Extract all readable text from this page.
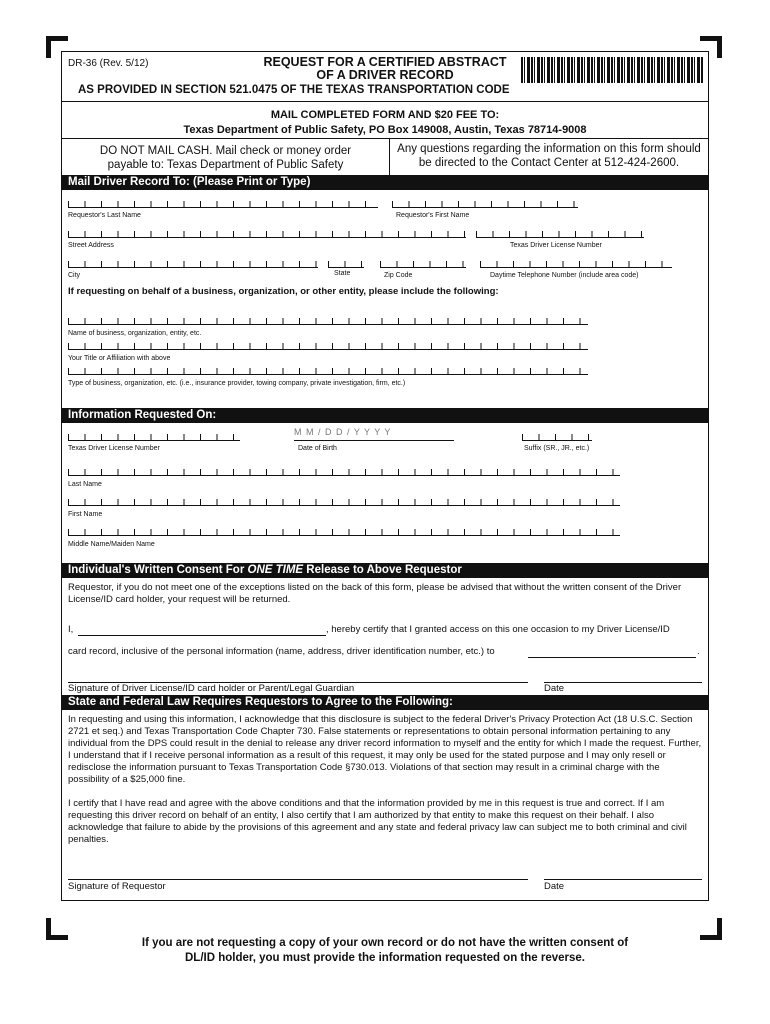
DR-36 (Rev. 5/12)	REQUEST FOR A CERTIFIED ABSTRACT
OF A DRIVER RECORD
AS PROVIDED IN SECTION 521.0475 OF THE TEXAS TRANSPORTATION CODE
MAIL COMPLETED FORM AND $20 FEE TO:
Texas Department of Public Safety, PO Box 149008, Austin, Texas 78714-9008
DO NOT MAIL CASH. Mail check or money order
payable to: Texas Department of Public Safety
Any questions regarding the information on this form should
be directed to the Contact Center at 512-424-2600.
Mail Driver Record To: (Please Print or Type)
Requestor's Last Name	Requestor's First Name
Street Address	Texas Driver License Number
City	State	Zip Code	Daytime Telephone Number (include area code)
If requesting on behalf of a business, organization, or other entity, please include the following:
Name of business, organization, entity, etc.
Your Title or Affiliation with above
Type of business, organization, etc. (i.e., insurance provider, towing company, private investigation, firm, etc.)
Information Requested On:
Texas Driver License Number
M M / D D / Y Y Y Y
Date of Birth	Suffix (SR., JR., etc.)
Last Name
First Name
Middle Name/Maiden Name
Individual's Written Consent For ONE TIME Release to Above Requestor
Requestor, if you do not meet one of the exceptions listed on the back of this form, please be advised that without the written consent of the Driver License/ID card holder, your request will be returned.
I,	, hereby certify that I granted access on this one occasion to my Driver License/ID
card record, inclusive of the personal information (name, address, driver identification number, etc.) to	.
Signature of Driver License/ID card holder or Parent/Legal Guardian	Date
State and Federal Law Requires Requestors to Agree to the Following:
In requesting and using this information, I acknowledge that this disclosure is subject to the federal Driver's Privacy Protection Act (18 U.S.C. Section 2721 et seq.) and Texas Transportation Code Chapter 730. False statements or representations to obtain personal information pertaining to any individual from the DPS could result in the denial to release any driver record information to myself and the entity for which I made the request. Further, I understand that if I receive personal information as a result of this request, it may only be used for the stated purpose and I may only resell or redisclose the information pursuant to Texas Transportation Code §730.013. Violations of that section may result in a criminal charge with the possibility of a $25,000 fine.
I certify that I have read and agree with the above conditions and that the information provided by me in this request is true and correct. If I am requesting this driver record on behalf of an entity, I also certify that I am authorized by that entity to make this request on their behalf. I also acknowledge that failure to abide by the provisions of this agreement and any state and federal privacy law can subject me to both criminal and civil penalties.
Signature of Requestor	Date
If you are not requesting a copy of your own record or do not have the written consent of
DL/ID holder, you must provide the information requested on the reverse.
